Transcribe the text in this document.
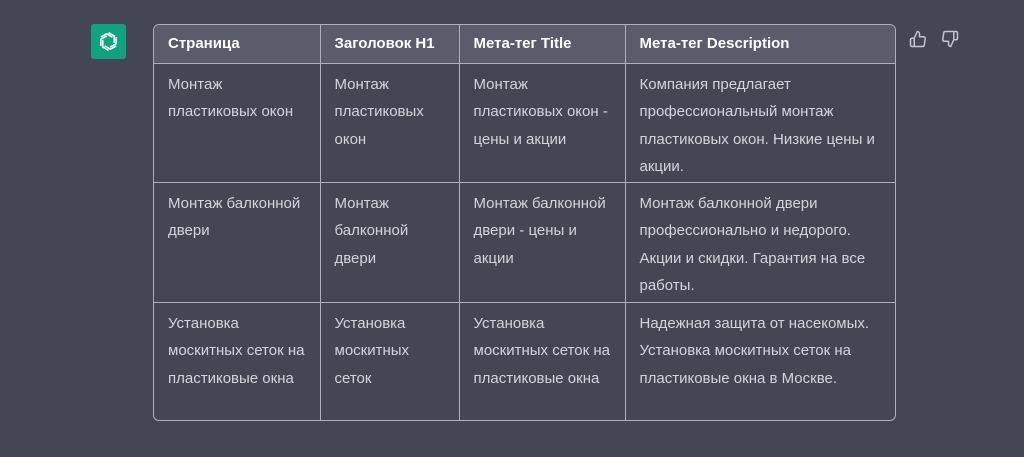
Страница	Заголовок H1	Мета-тег Title	Мета-тег Description
Монтаж пластиковых окон	Монтаж пластиковых окон	Монтаж пластиковых окон - цены и акции	Компания предлагает профессиональный монтаж пластиковых окон. Низкие цены и акции.
Монтаж балконной двери	Монтаж балконной двери	Монтаж балконной двери - цены и акции	Монтаж балконной двери профессионально и недорого. Акции и скидки. Гарантия на все работы.
Установка москитных сеток на пластиковые окна	Установка москитных сеток	Установка москитных сеток на пластиковые окна	Надежная защита от насекомых. Установка москитных сеток на пластиковые окна в Москве.
